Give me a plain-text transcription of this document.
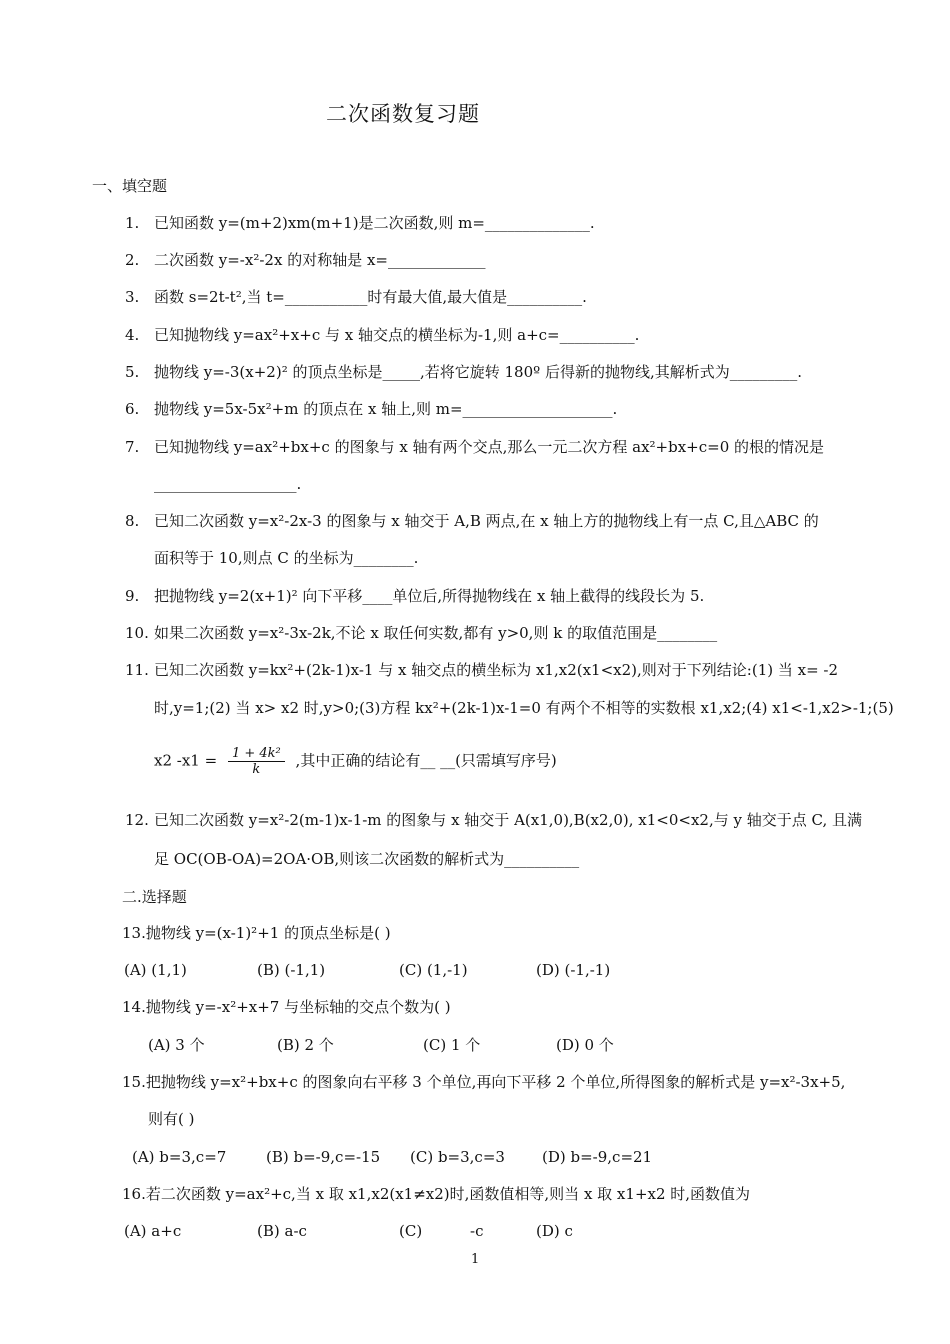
二次函数复习题
一、填空题
1. 已知函数 y=(m+2)xm(m+1)是二次函数,则 m=______________.
2. 二次函数 y=-x²-2x 的对称轴是 x=_____________
3. 函数 s=2t-t²,当 t=___________时有最大值,最大值是__________.
4. 已知抛物线 y=ax²+x+c 与 x 轴交点的横坐标为-1,则 a+c=__________.
5. 抛物线 y=-3(x+2)² 的顶点坐标是_____,若将它旋转 180º 后得新的抛物线,其解析式为_________.
6. 抛物线 y=5x-5x²+m 的顶点在 x 轴上,则 m=____________________.
7. 已知抛物线 y=ax²+bx+c 的图象与 x 轴有两个交点,那么一元二次方程 ax²+bx+c=0 的根的情况是
___________________.
8. 已知二次函数 y=x²-2x-3 的图象与 x 轴交于 A,B 两点,在 x 轴上方的抛物线上有一点 C,且△ABC 的
面积等于 10,则点 C 的坐标为________.
9. 把抛物线 y=2(x+1)² 向下平移____单位后,所得抛物线在 x 轴上截得的线段长为 5.
10. 如果二次函数 y=x²-3x-2k,不论 x 取任何实数,都有 y>0,则 k 的取值范围是________
11. 已知二次函数 y=kx²+(2k-1)x-1 与 x 轴交点的横坐标为 x1,x2(x1<x2),则对于下列结论:(1) 当 x= -2
时,y=1;(2) 当 x> x2 时,y>0;(3)方程 kx²+(2k-1)x-1=0 有两个不相等的实数根 x1,x2;(4) x1<-1,x2>-1;(5)
x2 $-x1 = \frac{\text{1 + 4k²}}{k}$ ,其中正确的结论有__ __(只需填写序号)
12. 已知二次函数 y=x²-2(m-1)x-1-m 的图象与 x 轴交于 A(x1,0),B(x2,0), x1<0<x2,与 y 轴交于点 C, 且满
足 OC(OB-OA)=2OA·OB,则该二次函数的解析式为__________
二.选择题
13.抛物线 y=(x-1)²+1 的顶点坐标是( )
(A) (1,1)	(B) (-1,1)	(C) (1,-1)	(D) (-1,-1)
14.抛物线 y=-x²+x+7 与坐标轴的交点个数为( )
(A) 3 个	(B) 2 个	(C) 1 个	(D) 0 个
15.把抛物线 y=x²+bx+c 的图象向右平移 3 个单位,再向下平移 2 个单位,所得图象的解析式是 y=x²-3x+5,
则有( )
(A) b=3,c=7	(B) b=-9,c=-15 (C) b=3,c=3 (D) b=-9,c=21
16.若二次函数 y=ax²+c,当 x 取 x1,x2(x1≠x2)时,函数值相等,则当 x 取 x1+x2 时,函数值为
(A) a+c	(B) a-c	(C)	-c	(D) c
1
